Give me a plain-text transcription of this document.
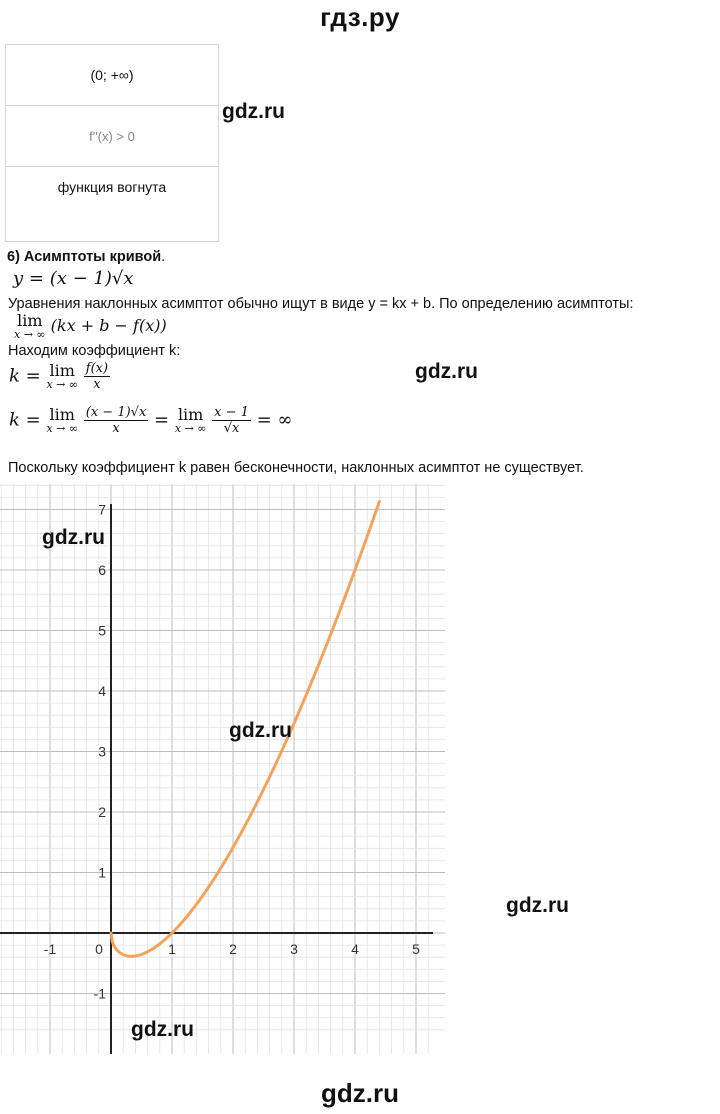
гдз.ру
(0; +∞)
f''(x) > 0
функция вогнута
gdz.ru
6) Асимптоты кривой.
y = (x − 1)√x
Уравнения наклонных асимптот обычно ищут в виде y = kx + b. По определению асимптоты:
lim
x → ∞ (kx + b − f(x))
Находим коэффициент k:
k = lim
x → ∞
$\frac{f(x)}{x}$	gdz.ru
k = lim
x → ∞
$\frac{(x - 1)√x}{x} = \lim$
x → ∞
$\frac{x - 1}{√x}$ = ∞
Поскольку коэффициент k равен бесконечности, наклонных асимптот не существует.
-1	0	1	2	3	4	5
-1
1
2
3
4
5
6
7
gdz.ru
gdz.ru
gdz.ru
gdz.ru
gdz.ru
